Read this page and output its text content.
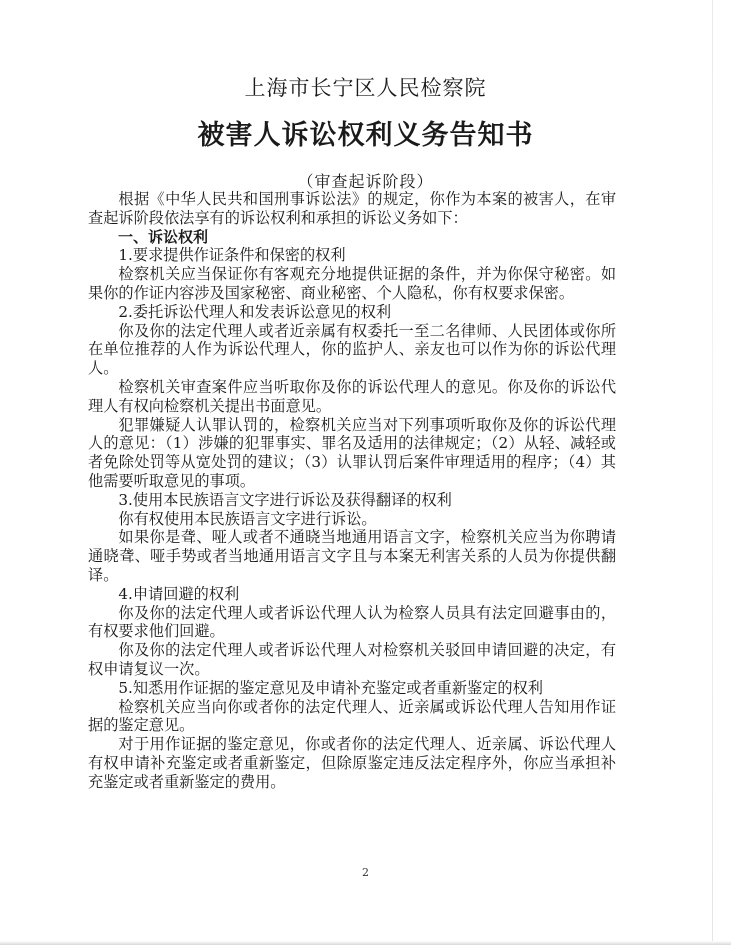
上海市长宁区人民检察院
被害人诉讼权利义务告知书
（审查起诉阶段）

根据《中华人民共和国刑事诉讼法》的规定，你作为本案的被害人，在审查起诉阶段依法享有的诉讼权利和承担的诉讼义务如下：

一、诉讼权利

1.要求提供作证条件和保密的权利

检察机关应当保证你有客观充分地提供证据的条件，并为你保守秘密。如果你的作证内容涉及国家秘密、商业秘密、个人隐私，你有权要求保密。

2.委托诉讼代理人和发表诉讼意见的权利

你及你的法定代理人或者近亲属有权委托一至二名律师、人民团体或你所在单位推荐的人作为诉讼代理人，你的监护人、亲友也可以作为你的诉讼代理人。

检察机关审查案件应当听取你及你的诉讼代理人的意见。你及你的诉讼代理人有权向检察机关提出书面意见。

犯罪嫌疑人认罪认罚的，检察机关应当对下列事项听取你及你的诉讼代理人的意见：（1）涉嫌的犯罪事实、罪名及适用的法律规定；（2）从轻、减轻或者免除处罚等从宽处罚的建议；（3）认罪认罚后案件审理适用的程序；（4）其他需要听取意见的事项。

3.使用本民族语言文字进行诉讼及获得翻译的权利

你有权使用本民族语言文字进行诉讼。

如果你是聋、哑人或者不通晓当地通用语言文字，检察机关应当为你聘请通晓聋、哑手势或者当地通用语言文字且与本案无利害关系的人员为你提供翻译。

4.申请回避的权利

你及你的法定代理人或者诉讼代理人认为检察人员具有法定回避事由的，有权要求他们回避。

你及你的法定代理人或者诉讼代理人对检察机关驳回申请回避的决定，有权申请复议一次。

5.知悉用作证据的鉴定意见及申请补充鉴定或者重新鉴定的权利

检察机关应当向你或者你的法定代理人、近亲属或诉讼代理人告知用作证据的鉴定意见。

对于用作证据的鉴定意见，你或者你的法定代理人、近亲属、诉讼代理人有权申请补充鉴定或者重新鉴定，但除原鉴定违反法定程序外，你应当承担补充鉴定或者重新鉴定的费用。

2
